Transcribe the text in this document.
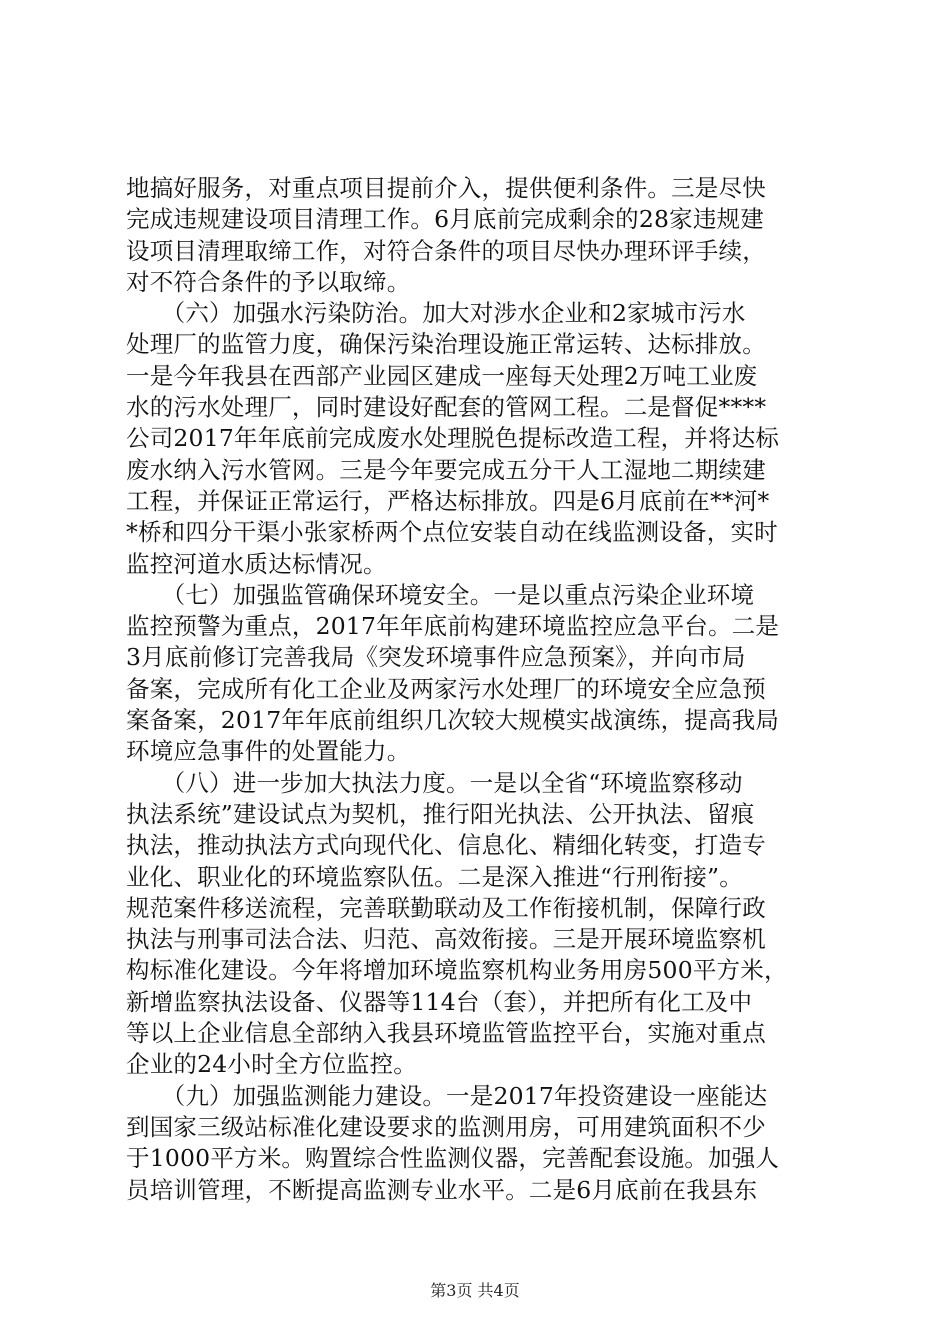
地搞好服务，对重点项目提前介入，提供便利条件。三是尽快
完成违规建设项目清理工作。6月底前完成剩余的28家违规建
设项目清理取缔工作，对符合条件的项目尽快办理环评手续，
对不符合条件的予以取缔。
　　（六）加强水污染防治。加大对涉水企业和2家城市污水
处理厂的监管力度，确保污染治理设施正常运转、达标排放。
一是今年我县在西部产业园区建成一座每天处理2万吨工业废
水的污水处理厂，同时建设好配套的管网工程。二是督促****
公司2017年年底前完成废水处理脱色提标改造工程，并将达标
废水纳入污水管网。三是今年要完成五分干人工湿地二期续建
工程，并保证正常运行，严格达标排放。四是6月底前在**河*
*桥和四分干渠小张家桥两个点位安装自动在线监测设备，实时
监控河道水质达标情况。
　　（七）加强监管确保环境安全。一是以重点污染企业环境
监控预警为重点，2017年年底前构建环境监控应急平台。二是
3月底前修订完善我局《突发环境事件应急预案》，并向市局
备案，完成所有化工企业及两家污水处理厂的环境安全应急预
案备案，2017年年底前组织几次较大规模实战演练，提高我局
环境应急事件的处置能力。
　　（八）进一步加大执法力度。一是以全省“环境监察移动
执法系统”建设试点为契机，推行阳光执法、公开执法、留痕
执法，推动执法方式向现代化、信息化、精细化转变，打造专
业化、职业化的环境监察队伍。二是深入推进“行刑衔接”。
规范案件移送流程，完善联勤联动及工作衔接机制，保障行政
执法与刑事司法合法、归范、高效衔接。三是开展环境监察机
构标准化建设。今年将增加环境监察机构业务用房500平方米，
新增监察执法设备、仪器等114台（套），并把所有化工及中
等以上企业信息全部纳入我县环境监管监控平台，实施对重点
企业的24小时全方位监控。
　　（九）加强监测能力建设。一是2017年投资建设一座能达
到国家三级站标准化建设要求的监测用房，可用建筑面积不少
于1000平方米。购置综合性监测仪器，完善配套设施。加强人
员培训管理，不断提高监测专业水平。二是6月底前在我县东
第3页 共4页
